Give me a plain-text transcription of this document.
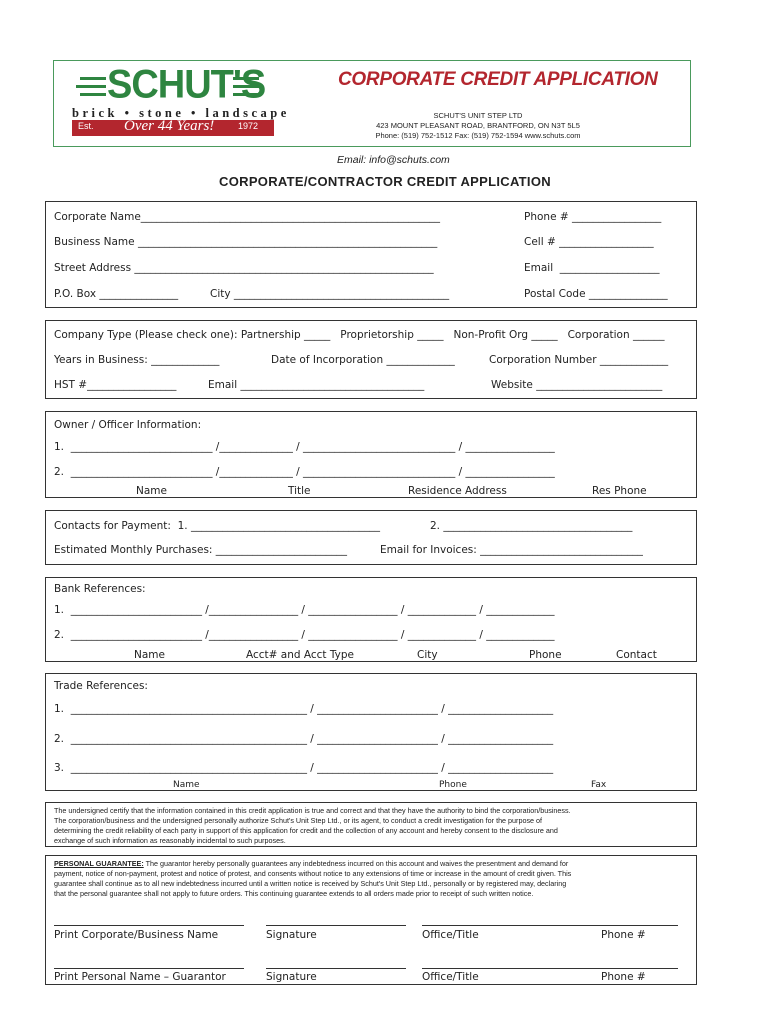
SCHUT'S
brick • stone • landscape
Est. Over 44 Years!	1972
CORPORATE CREDIT APPLICATION
SCHUT'S UNIT STEP LTD
423 MOUNT PLEASANT ROAD, BRANTFORD, ON N3T 5L5
Phone: (519) 752-1512 Fax: (519) 752-1594 www.schuts.com
Email: info@schuts.com
CORPORATE/CONTRACTOR CREDIT APPLICATION
Corporate Name_________________________________________________________	Phone # _________________
Business Name _________________________________________________________	Cell # __________________
Street Address _________________________________________________________	Email  ___________________
P.O. Box _______________	City _________________________________________	Postal Code _______________
Company Type (Please check one): Partnership _____   Proprietorship _____   Non-Profit Org _____   Corporation ______
Years in Business: _____________	Date of Incorporation _____________	Corporation Number _____________
HST #_________________	Email ___________________________________	Website ________________________
Owner / Officer Information:
1.  ___________________________ /______________ / _____________________________ / _________________
2.  ___________________________ /______________ / _____________________________ / _________________
Name	Title	Residence Address	Res Phone
Contacts for Payment:  1. ____________________________________	2. ____________________________________
Estimated Monthly Purchases: _________________________	Email for Invoices: _______________________________
Bank References:
1.  _________________________ /_________________ / _________________ / _____________ / _____________
2.  _________________________ /_________________ / _________________ / _____________ / _____________
Name	Acct# and Acct Type	City	Phone	Contact
Trade References:
1.  _____________________________________________ / _______________________ / ____________________
2.  _____________________________________________ / _______________________ / ____________________
3.  _____________________________________________ / _______________________ / ____________________
Name	Phone	Fax
The undersigned certify that the information contained in this credit application is true and correct and that they have the authority to bind the corporation/business.
The corporation/business and the undersigned personally authorize Schut's Unit Step Ltd., or its agent, to conduct a credit investigation for the purpose of
determining the credit reliability of each party in support of this application for credit and the collection of any account and hereby consent to the disclosure and
exchange of such information as reasonably incidental to such purposes.
PERSONAL GUARANTEE: The guarantor hereby personally guarantees any indebtedness incurred on this account and waives the presentment and demand for
payment, notice of non-payment, protest and notice of protest, and consents without notice to any extensions of time or increase in the amount of credit given. This
guarantee shall continue as to all new indebtedness incurred until a written notice is received by Schut's Unit Step Ltd., personally or by registered may, declaring
that the personal guarantee shall not apply to future orders. This continuing guarantee extends to all orders made prior to receipt of such written notice.
Print Corporate/Business Name	Signature	Office/Title	Phone #
Print Personal Name – Guarantor	Signature	Office/Title	Phone #
